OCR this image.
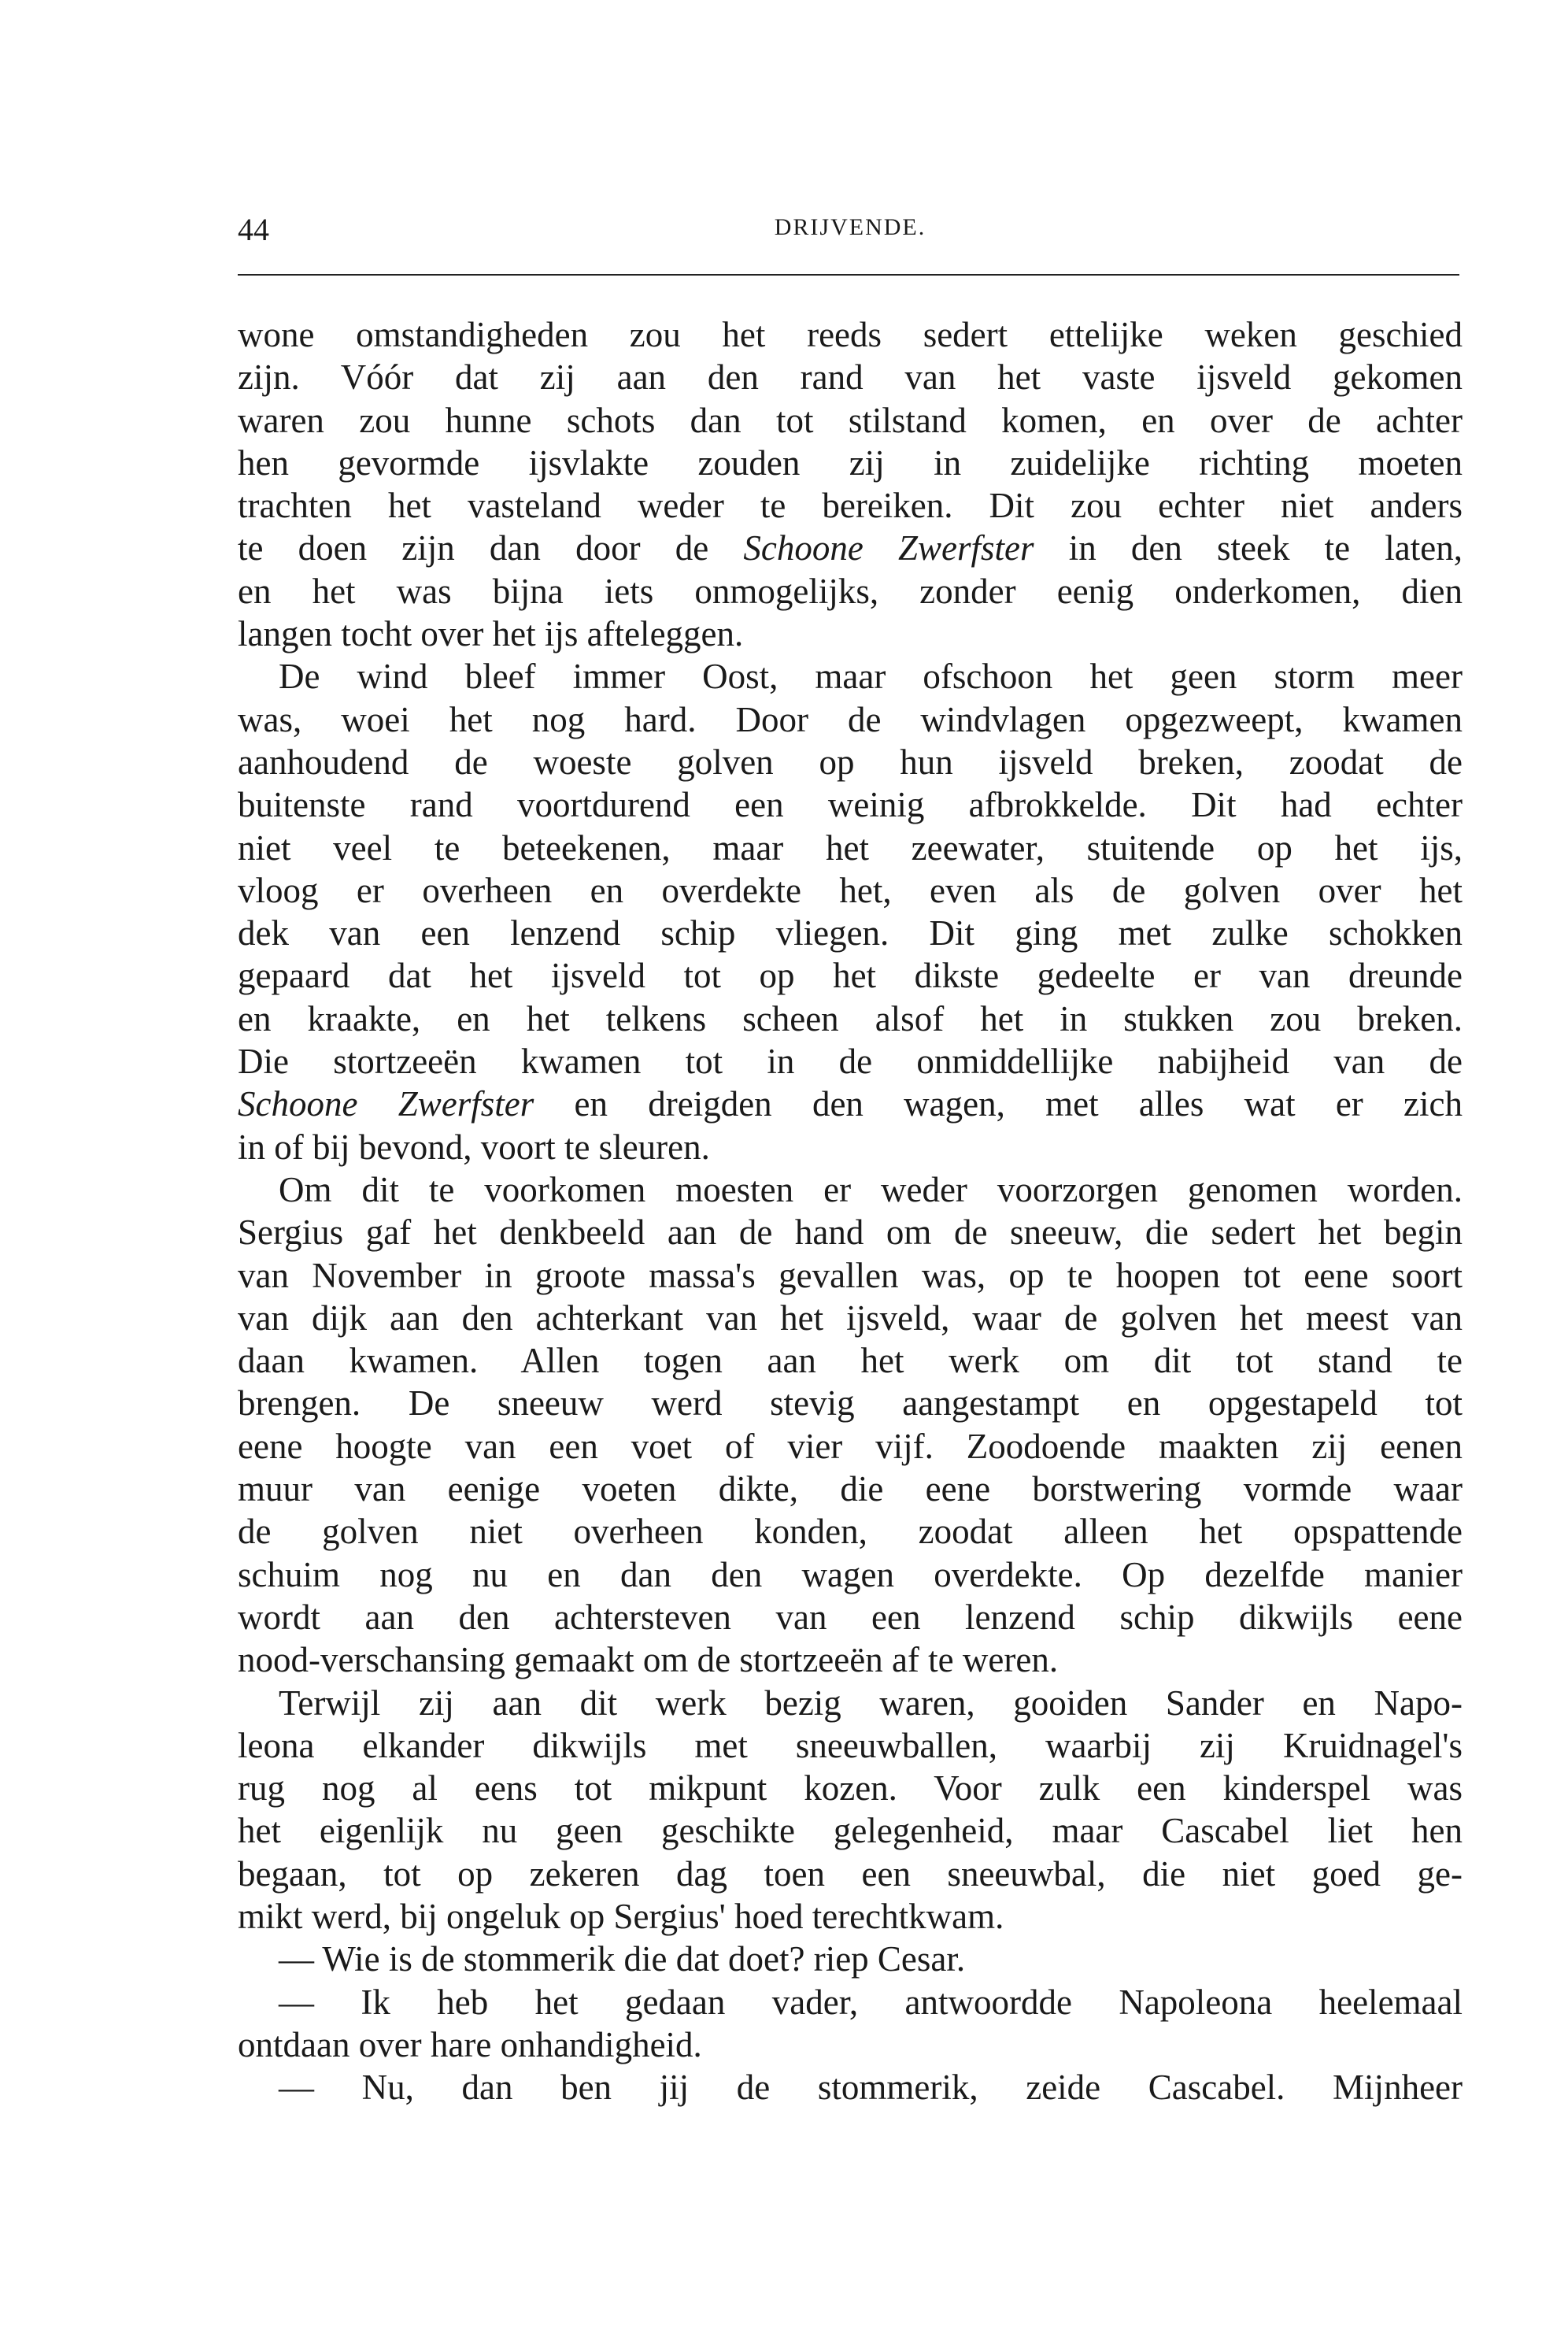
44	DRIJVENDE.
wone omstandigheden zou het reeds sedert ettelijke weken geschied
zijn. Vóór dat zij aan den rand van het vaste ijsveld gekomen
waren zou hunne schots dan tot stilstand komen, en over de achter
hen gevormde ijsvlakte zouden zij in zuidelijke richting moeten
trachten het vasteland weder te bereiken. Dit zou echter niet anders
te doen zijn dan door de Schoone Zwerfster in den steek te laten,
en het was bijna iets onmogelijks, zonder eenig onderkomen, dien
langen tocht over het ijs afteleggen.
De wind bleef immer Oost, maar ofschoon het geen storm meer
was, woei het nog hard. Door de windvlagen opgezweept, kwamen
aanhoudend de woeste golven op hun ijsveld breken, zoodat de
buitenste rand voortdurend een weinig afbrokkelde. Dit had echter
niet veel te beteekenen, maar het zeewater, stuitende op het ijs,
vloog er overheen en overdekte het, even als de golven over het
dek van een lenzend schip vliegen. Dit ging met zulke schokken
gepaard dat het ijsveld tot op het dikste gedeelte er van dreunde
en kraakte, en het telkens scheen alsof het in stukken zou breken.
Die stortzeeën kwamen tot in de onmiddellijke nabijheid van de
Schoone Zwerfster en dreigden den wagen, met alles wat er zich
in of bij bevond, voort te sleuren.
Om dit te voorkomen moesten er weder voorzorgen genomen worden.
Sergius gaf het denkbeeld aan de hand om de sneeuw, die sedert het begin
van November in groote massa's gevallen was, op te hoopen tot eene soort
van dijk aan den achterkant van het ijsveld, waar de golven het meest van
daan kwamen. Allen togen aan het werk om dit tot stand te
brengen. De sneeuw werd stevig aangestampt en opgestapeld tot
eene hoogte van een voet of vier vijf. Zoodoende maakten zij eenen
muur van eenige voeten dikte, die eene borstwering vormde waar
de golven niet overheen konden, zoodat alleen het opspattende
schuim nog nu en dan den wagen overdekte. Op dezelfde manier
wordt aan den achtersteven van een lenzend schip dikwijls eene
nood-verschansing gemaakt om de stortzeeën af te weren.
Terwijl zij aan dit werk bezig waren, gooiden Sander en Napo-
leona elkander dikwijls met sneeuwballen, waarbij zij Kruidnagel's
rug nog al eens tot mikpunt kozen. Voor zulk een kinderspel was
het eigenlijk nu geen geschikte gelegenheid, maar Cascabel liet hen
begaan, tot op zekeren dag toen een sneeuwbal, die niet goed ge-
mikt werd, bij ongeluk op Sergius' hoed terechtkwam.
— Wie is de stommerik die dat doet? riep Cesar.
— Ik heb het gedaan vader, antwoordde Napoleona heelemaal
ontdaan over hare onhandigheid.
— Nu, dan ben jij de stommerik, zeide Cascabel. Mijnheer
